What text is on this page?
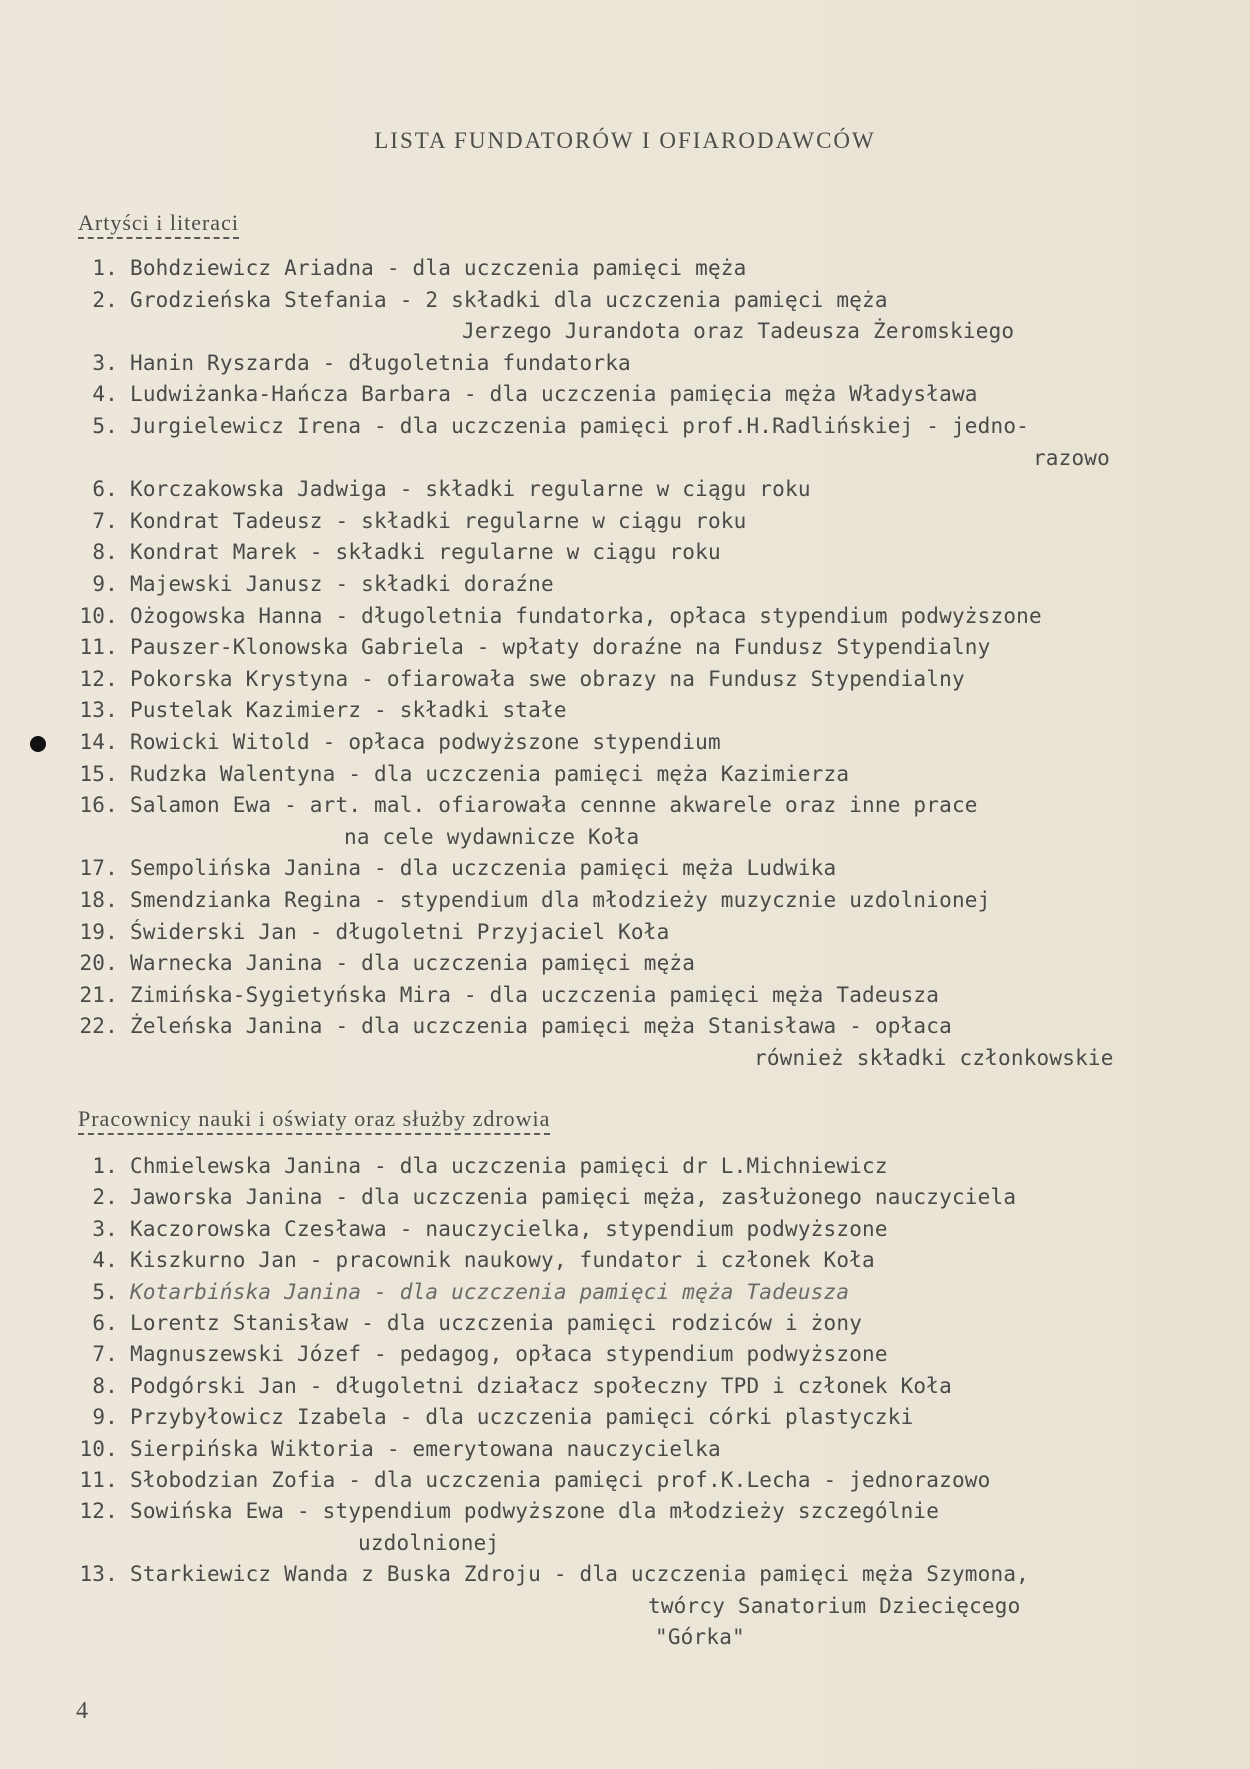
LISTA FUNDATORÓW I OFIARODAWCÓW
Artyści i literaci
1. Bohdziewicz Ariadna - dla uczczenia pamięci męża
2. Grodzieńska Stefania - 2 składki dla uczczenia pamięci męża
Jerzego Jurandota oraz Tadeusza Żeromskiego
3. Hanin Ryszarda - długoletnia fundatorka
4. Ludwiżanka-Hańcza Barbara - dla uczczenia pamięcia męża Władysława
5. Jurgielewicz Irena - dla uczczenia pamięci prof.H.Radlińskiej - jedno-
razowo
6. Korczakowska Jadwiga - składki regularne w ciągu roku
7. Kondrat Tadeusz - składki regularne w ciągu roku
8. Kondrat Marek - składki regularne w ciągu roku
9. Majewski Janusz - składki doraźne
10. Ożogowska Hanna - długoletnia fundatorka, opłaca stypendium podwyższone
11. Pauszer-Klonowska Gabriela - wpłaty doraźne na Fundusz Stypendialny
12. Pokorska Krystyna - ofiarowała swe obrazy na Fundusz Stypendialny
13. Pustelak Kazimierz - składki stałe
14. Rowicki Witold - opłaca podwyższone stypendium
15. Rudzka Walentyna - dla uczczenia pamięci męża Kazimierza
16. Salamon Ewa - art. mal. ofiarowała cennne akwarele oraz inne prace
na cele wydawnicze Koła
17. Sempolińska Janina - dla uczczenia pamięci męża Ludwika
18. Smendzianka Regina - stypendium dla młodzieży muzycznie uzdolnionej
19. Świderski Jan - długoletni Przyjaciel Koła
20. Warnecka Janina - dla uczczenia pamięci męża
21. Zimińska-Sygietyńska Mira - dla uczczenia pamięci męża Tadeusza
22. Żeleńska Janina - dla uczczenia pamięci męża Stanisława - opłaca
również składki członkowskie
Pracownicy nauki i oświaty oraz służby zdrowia
1. Chmielewska Janina - dla uczczenia pamięci dr L.Michniewicz
2. Jaworska Janina - dla uczczenia pamięci męża, zasłużonego nauczyciela
3. Kaczorowska Czesława - nauczycielka, stypendium podwyższone
4. Kiszkurno Jan - pracownik naukowy, fundator i członek Koła
5. Kotarbińska Janina - dla uczczenia pamięci męża Tadeusza
6. Lorentz Stanisław - dla uczczenia pamięci rodziców i żony
7. Magnuszewski Józef - pedagog, opłaca stypendium podwyższone
8. Podgórski Jan - długoletni działacz społeczny TPD i członek Koła
9. Przybyłowicz Izabela - dla uczczenia pamięci córki plastyczki
10. Sierpińska Wiktoria - emerytowana nauczycielka
11. Słobodzian Zofia - dla uczczenia pamięci prof.K.Lecha - jednorazowo
12. Sowińska Ewa - stypendium podwyższone dla młodzieży szczególnie
uzdolnionej
13. Starkiewicz Wanda z Buska Zdroju - dla uczczenia pamięci męża Szymona,
twórcy Sanatorium Dziecięcego
"Górka"
4
